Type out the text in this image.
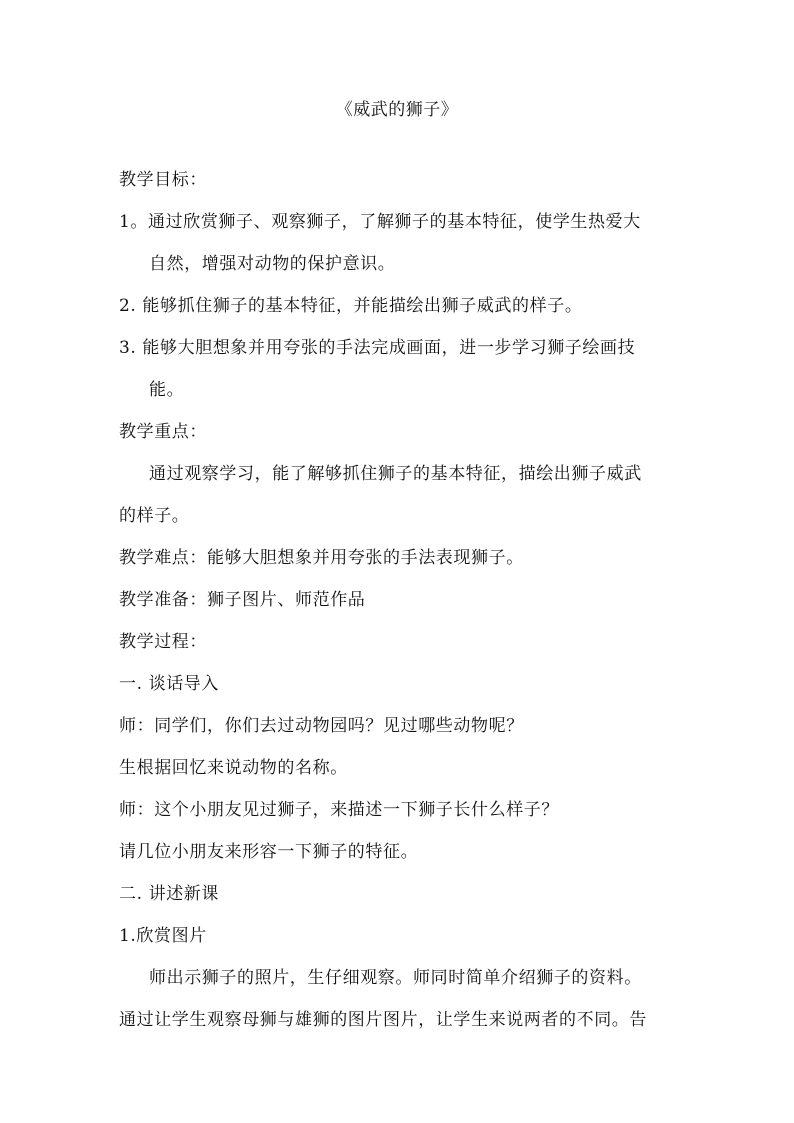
《威武的狮子》
教学目标：
1。通过欣赏狮子、观察狮子，了解狮子的基本特征，使学生热爱大
自然，增强对动物的保护意识。
2. 能够抓住狮子的基本特征，并能描绘出狮子威武的样子。
3. 能够大胆想象并用夸张的手法完成画面，进一步学习狮子绘画技
能。
教学重点：
通过观察学习，能了解够抓住狮子的基本特征，描绘出狮子威武
的样子。
教学难点：能够大胆想象并用夸张的手法表现狮子。
教学准备：狮子图片、师范作品
教学过程：
一. 谈话导入
师：同学们，你们去过动物园吗？见过哪些动物呢？
生根据回忆来说动物的名称。
师：这个小朋友见过狮子，来描述一下狮子长什么样子？
请几位小朋友来形容一下狮子的特征。
二. 讲述新课
1.欣赏图片
师出示狮子的照片，生仔细观察。师同时简单介绍狮子的资料。
通过让学生观察母狮与雄狮的图片图片，让学生来说两者的不同。告
